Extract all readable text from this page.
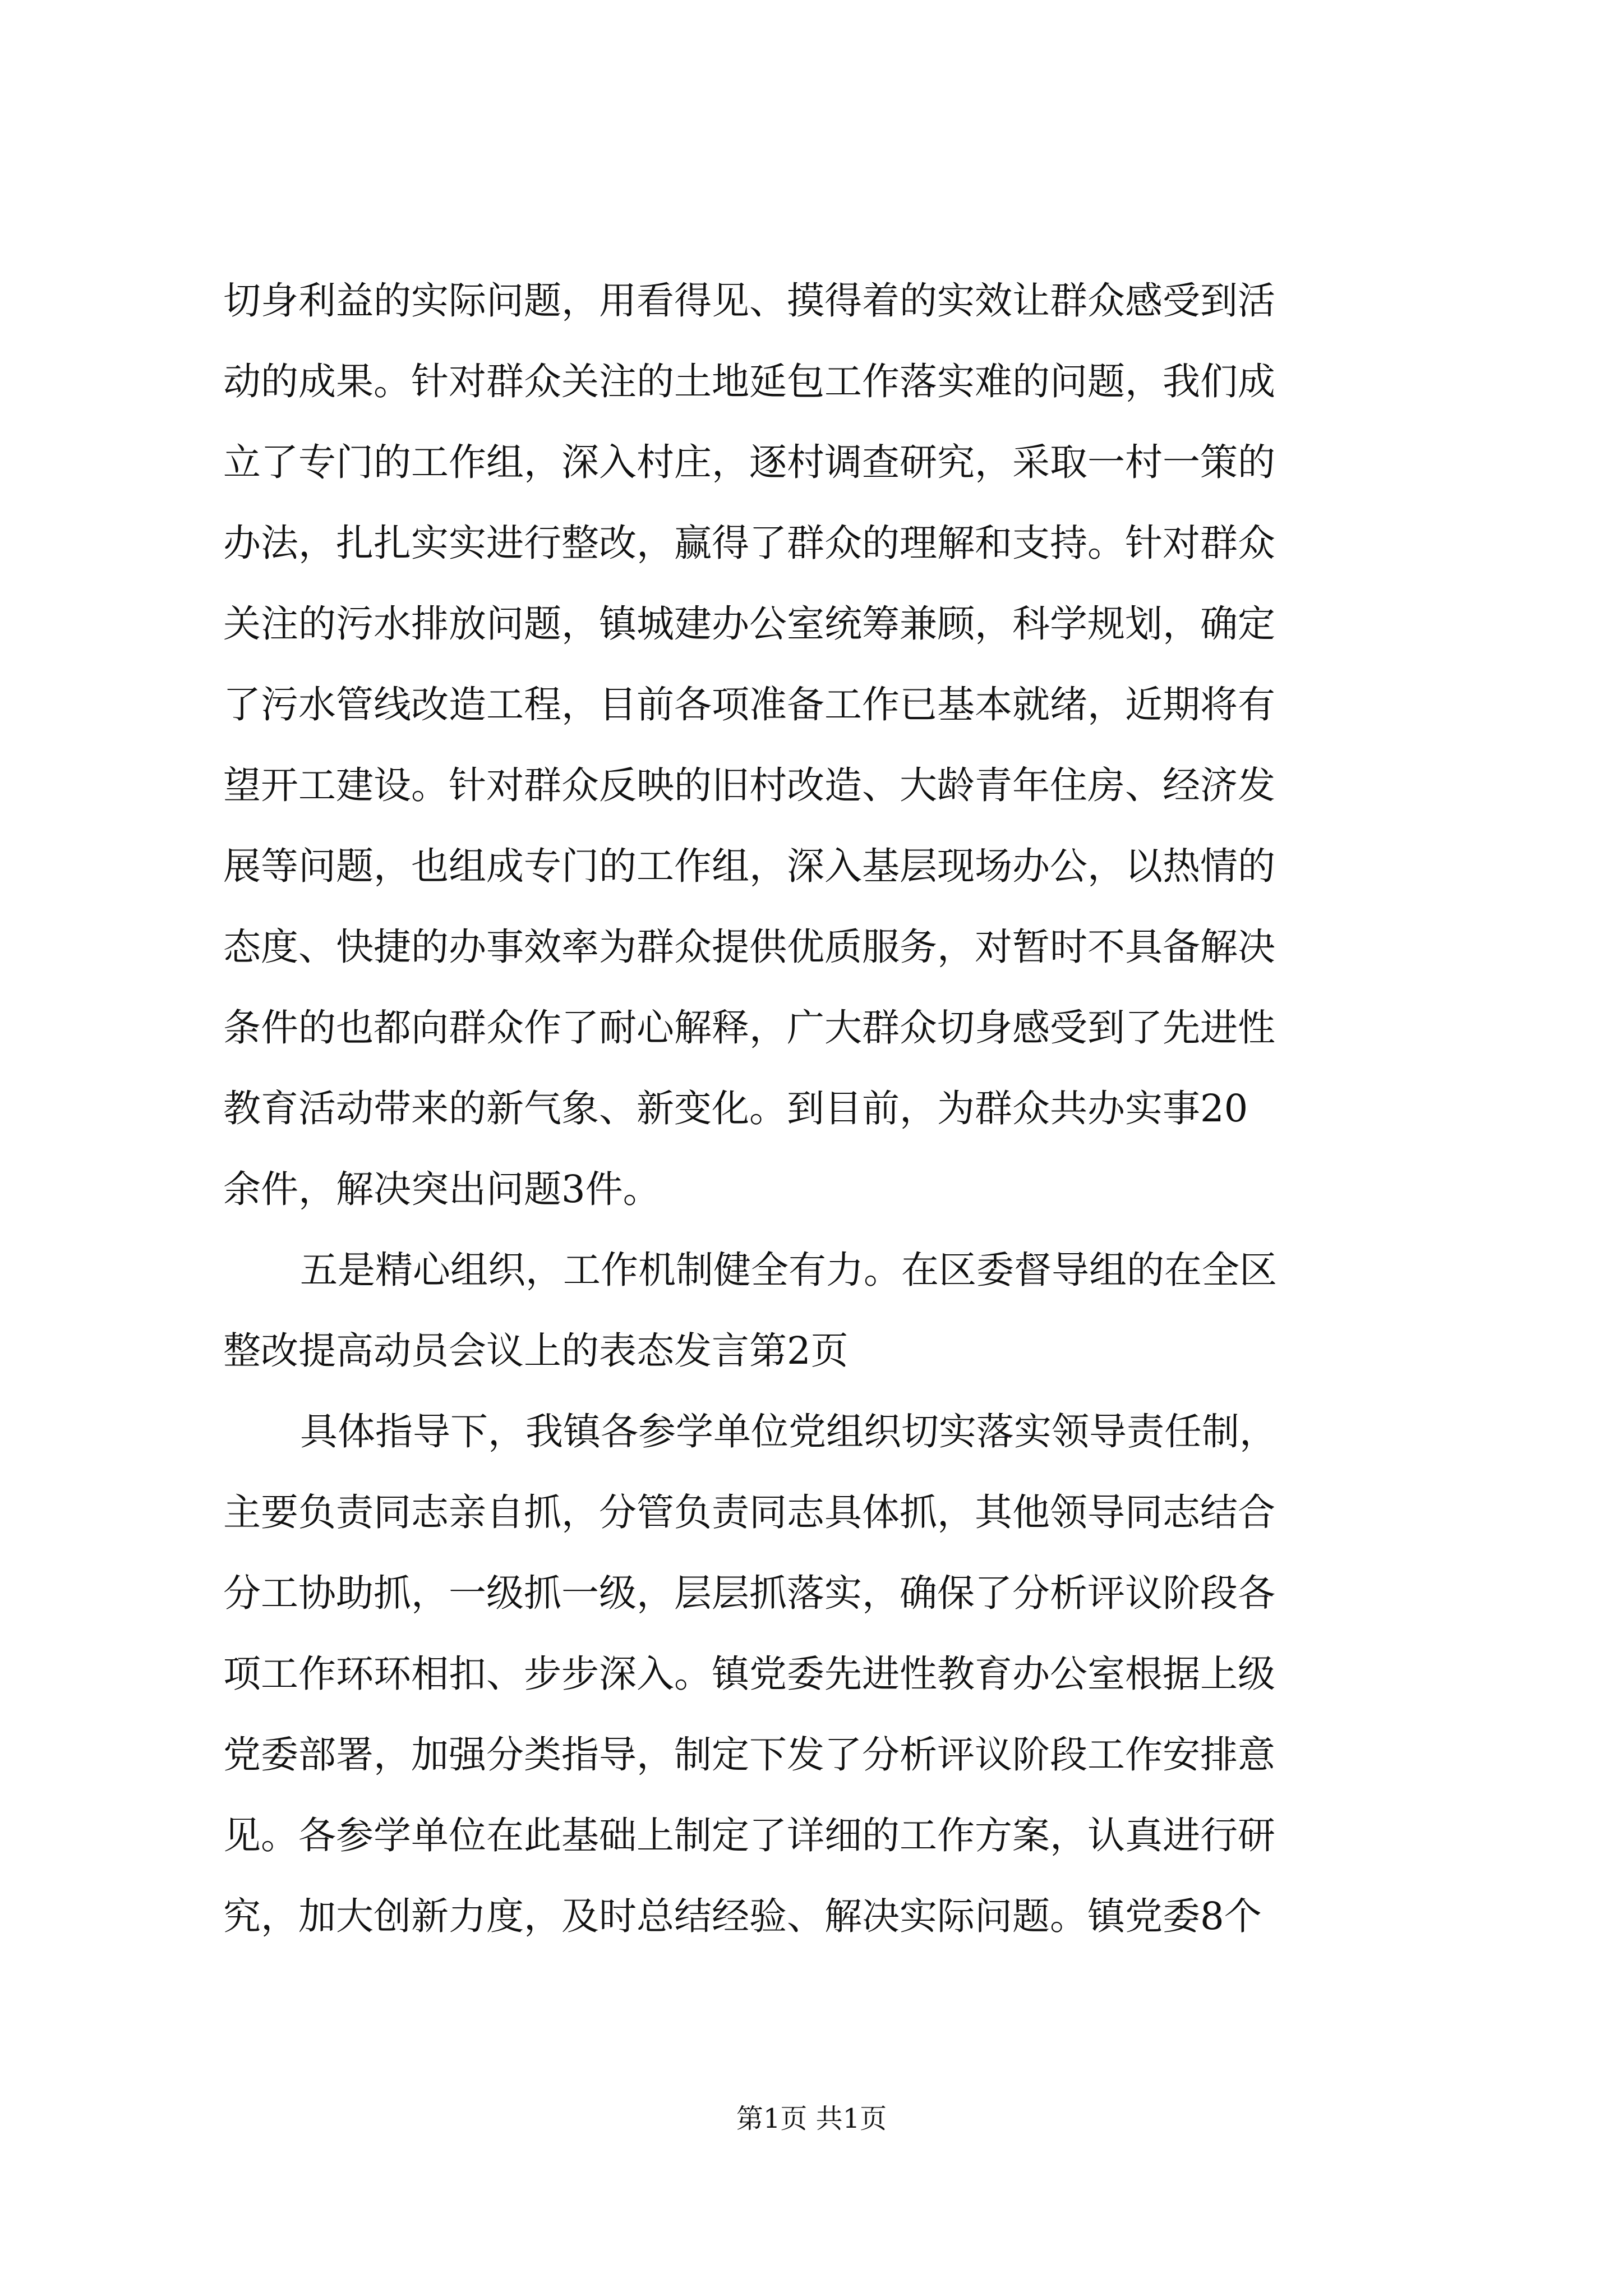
切身利益的实际问题，用看得见、摸得着的实效让群众感受到活
动的成果。针对群众关注的土地延包工作落实难的问题，我们成
立了专门的工作组，深入村庄，逐村调查研究，采取一村一策的
办法，扎扎实实进行整改，赢得了群众的理解和支持。针对群众
关注的污水排放问题，镇城建办公室统筹兼顾，科学规划，确定
了污水管线改造工程，目前各项准备工作已基本就绪，近期将有
望开工建设。针对群众反映的旧村改造、大龄青年住房、经济发
展等问题，也组成专门的工作组，深入基层现场办公，以热情的
态度、快捷的办事效率为群众提供优质服务，对暂时不具备解决
条件的也都向群众作了耐心解释，广大群众切身感受到了先进性
教育活动带来的新气象、新变化。到目前，为群众共办实事20
余件，解决突出问题3件。
五是精心组织，工作机制健全有力。在区委督导组的在全区
整改提高动员会议上的表态发言第2页
具体指导下，我镇各参学单位党组织切实落实领导责任制，
主要负责同志亲自抓，分管负责同志具体抓，其他领导同志结合
分工协助抓，一级抓一级，层层抓落实，确保了分析评议阶段各
项工作环环相扣、步步深入。镇党委先进性教育办公室根据上级
党委部署，加强分类指导，制定下发了分析评议阶段工作安排意
见。各参学单位在此基础上制定了详细的工作方案，认真进行研
究，加大创新力度，及时总结经验、解决实际问题。镇党委8个
第1页 共1页
